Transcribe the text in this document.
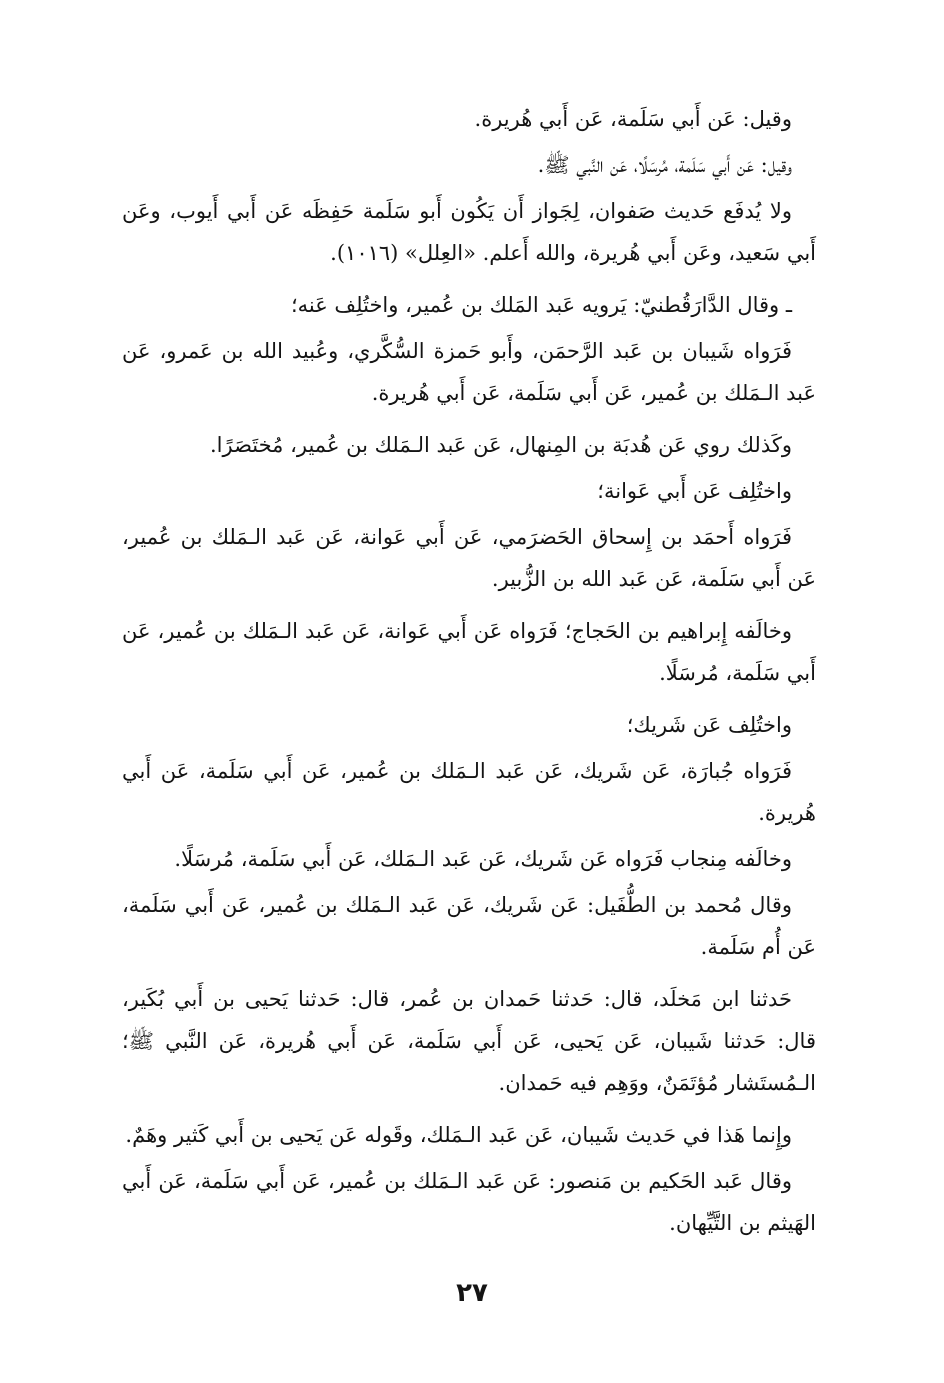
وقيل: عَن أَبي سَلَمة، عَن أَبي هُريرة.

وقيل: عَن أَبي سَلَمة، مُرسَلًا، عَن النَّبي ﷺ.

ولا يُدفَع حَديث صَفوان، لِجَواز أَن يَكُون أَبو سَلَمة حَفِظَه عَن أَبي أَيوب، وعَن أَبي سَعيد، وعَن أَبي هُريرة، والله أَعلم. «العِلل» (١٠١٦).

ـ وقال الدَّارَقُطنيّ: يَرويه عَبد المَلك بن عُمير، واختُلِف عَنه؛

فَرَواه شَيبان بن عَبد الرَّحمَن، وأَبو حَمزة السُّكَّري، وعُبيد الله بن عَمرو، عَن عَبد الـمَلك بن عُمير، عَن أَبي سَلَمة، عَن أَبي هُريرة.

وكَذلك روي عَن هُدبَة بن المِنهال، عَن عَبد الـمَلك بن عُمير، مُختَصَرًا.

واختُلِف عَن أَبي عَوانة؛

فَرَواه أَحمَد بن إِسحاق الحَضرَمي، عَن أَبي عَوانة، عَن عَبد الـمَلك بن عُمير، عَن أَبي سَلَمة، عَن عَبد الله بن الزُّبير.

وخالَفه إِبراهيم بن الحَجاج؛ فَرَواه عَن أَبي عَوانة، عَن عَبد الـمَلك بن عُمير، عَن أَبي سَلَمة، مُرسَلًا.

واختُلِف عَن شَريك؛

فَرَواه جُبارَة، عَن شَريك، عَن عَبد الـمَلك بن عُمير، عَن أَبي سَلَمة، عَن أَبي هُريرة.

وخالَفه مِنجاب فَرَواه عَن شَريك، عَن عَبد الـمَلك، عَن أَبي سَلَمة، مُرسَلًا.

وقال مُحمد بن الطُّفَيل: عَن شَريك، عَن عَبد الـمَلك بن عُمير، عَن أَبي سَلَمة، عَن أُم سَلَمة.

حَدثنا ابن مَخلَد، قال: حَدثنا حَمدان بن عُمر، قال: حَدثنا يَحيى بن أَبي بُكَير، قال: حَدثنا شَيبان، عَن يَحيى، عَن أَبي سَلَمة، عَن أَبي هُريرة، عَن النَّبي ﷺ؛ الـمُستَشار مُؤتَمَنٌ، ووَهِم فيه حَمدان.

وإِنما هَذا في حَديث شَيبان، عَن عَبد الـمَلك، وقَوله عَن يَحيى بن أَبي كَثير وهَمٌ.

وقال عَبد الحَكيم بن مَنصور: عَن عَبد الـمَلك بن عُمير، عَن أَبي سَلَمة، عَن أَبي الهَيثم بن التَّيِّهان.

٢٧
